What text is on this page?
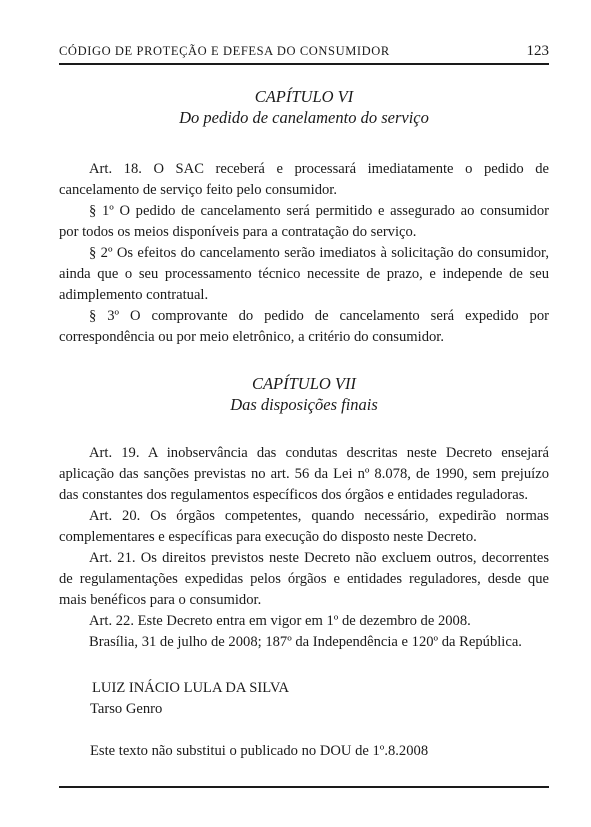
CÓDIGO DE PROTEÇÃO E DEFESA DO CONSUMIDOR	123
CAPÍTULO VI
Do pedido de canelamento do serviço

Art. 18. O SAC receberá e processará imediatamente o pedido de cancelamento de serviço feito pelo consumidor.

§ 1º O pedido de cancelamento será permitido e assegurado ao consumidor por todos os meios disponíveis para a contratação do serviço.

§ 2º Os efeitos do cancelamento serão imediatos à solicitação do consumidor, ainda que o seu processamento técnico necessite de prazo, e independe de seu adimplemento contratual.

§ 3º O comprovante do pedido de cancelamento será expedido por correspondência ou por meio eletrônico, a critério do consumidor.

CAPÍTULO VII
Das disposições finais

Art. 19. A inobservância das condutas descritas neste Decreto ensejará aplicação das sanções previstas no art. 56 da Lei nº 8.078, de 1990, sem prejuízo das constantes dos regulamentos específicos dos órgãos e entidades reguladoras.

Art. 20. Os órgãos competentes, quando necessário, expedirão normas complementares e específicas para execução do disposto neste Decreto.

Art. 21. Os direitos previstos neste Decreto não excluem outros, decorrentes de regulamentações expedidas pelos órgãos e entidades reguladores, desde que mais benéficos para o consumidor.

Art. 22. Este Decreto entra em vigor em 1º de dezembro de 2008.

Brasília, 31 de julho de 2008; 187º da Independência e 120º da República.

LUIZ INÁCIO LULA DA SILVA
Tarso Genro
Este texto não substitui o publicado no DOU de 1º.8.2008
